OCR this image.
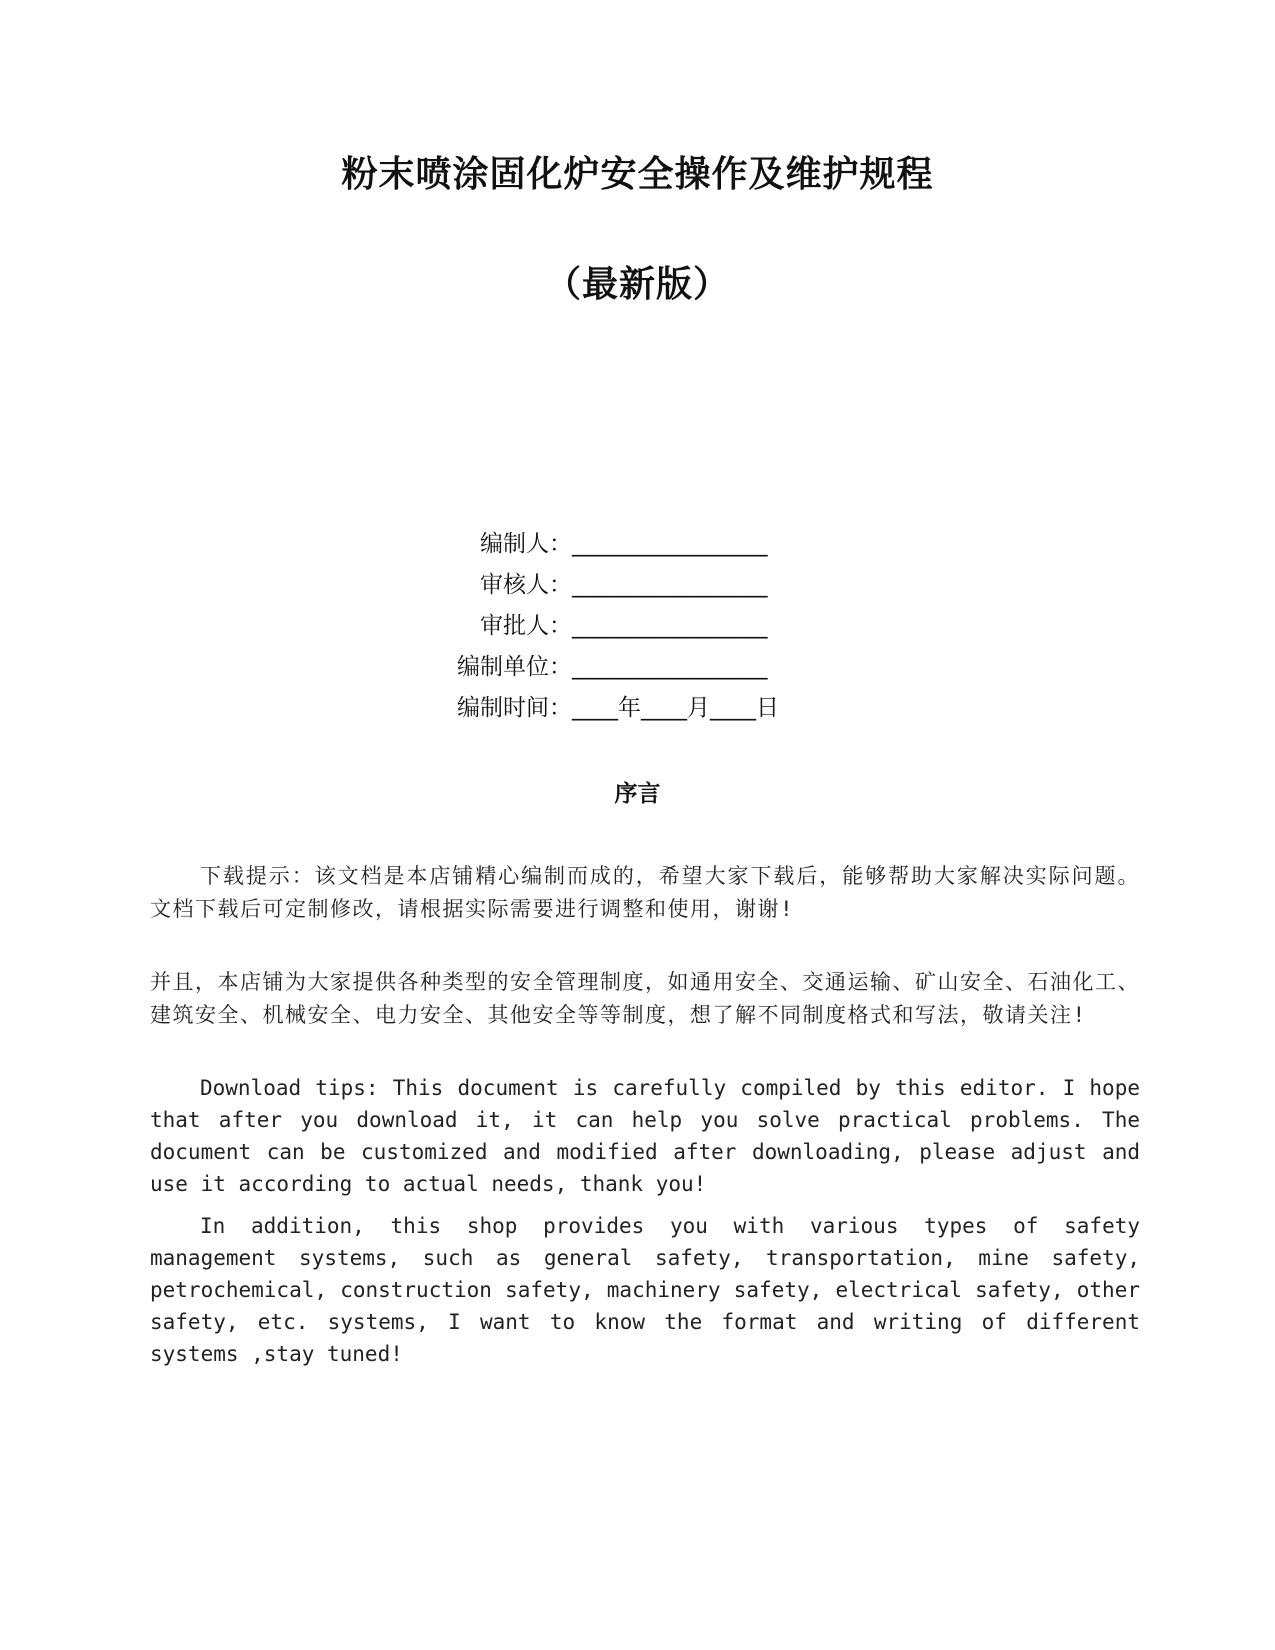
粉末喷涂固化炉安全操作及维护规程
（最新版）
编制人： _________________
审核人： _________________
审批人： _________________
编制单位： _________________
编制时间： ____年____月____日
序言

下载提示：该文档是本店铺精心编制而成的，希望大家下载后，能够帮助大家解决实际问题。文档下载后可定制修改，请根据实际需要进行调整和使用，谢谢!

并且，本店铺为大家提供各种类型的安全管理制度，如通用安全、交通运输、矿山安全、石油化工、建筑安全、机械安全、电力安全、其他安全等等制度，想了解不同制度格式和写法，敬请关注!

Download tips: This document is carefully compiled by this editor. I hope that after you download it, it can help you solve practical problems. The document can be customized and modified after downloading, please adjust and use it according to actual needs, thank you!

In addition, this shop provides you with various types of safety management systems, such as general safety, transportation, mine safety, petrochemical, construction safety, machinery safety, electrical safety, other safety, etc. systems, I want to know the format and writing of different systems ,stay tuned!
